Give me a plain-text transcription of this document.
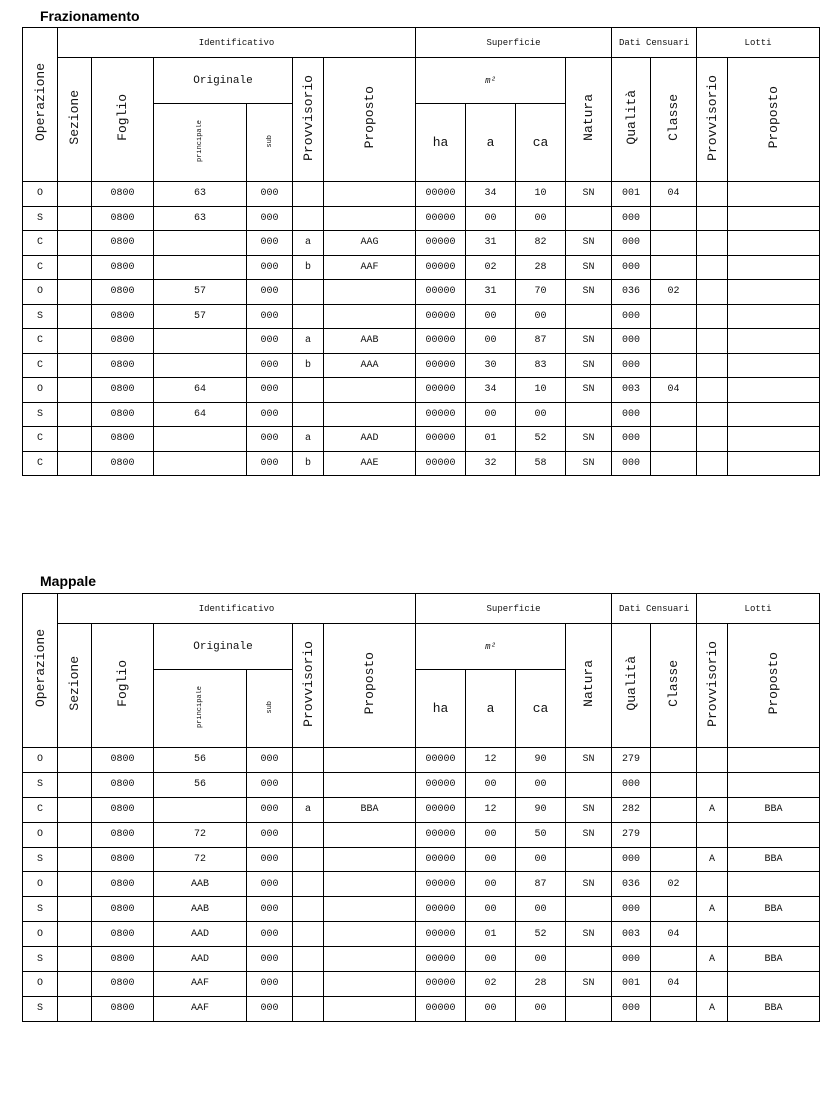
Frazionamento
Operazione	Identificativo						Superficie				Dati Censuari		Lotti	
	Sezione	Foglio	Originale		Provvisorio	Proposto	m²			Natura	Qualità	Classe	Provvisorio	Proposto
			principale	sub			ha	a	ca					
O		0800	63	000			00000	34	10	SN	001	04		
S		0800	63	000			00000	00	00		000			
C		0800		000	a	AAG	00000	31	82	SN	000			
C		0800		000	b	AAF	00000	02	28	SN	000			
O		0800	57	000			00000	31	70	SN	036	02		
S		0800	57	000			00000	00	00		000			
C		0800		000	a	AAB	00000	00	87	SN	000			
C		0800		000	b	AAA	00000	30	83	SN	000			
O		0800	64	000			00000	34	10	SN	003	04		
S		0800	64	000			00000	00	00		000			
C		0800		000	a	AAD	00000	01	52	SN	000			
C		0800		000	b	AAE	00000	32	58	SN	000			
Mappale
Operazione	Identificativo						Superficie				Dati Censuari		Lotti	
	Sezione	Foglio	Originale		Provvisorio	Proposto	m²			Natura	Qualità	Classe	Provvisorio	Proposto
			principale	sub			ha	a	ca					
O		0800	56	000			00000	12	90	SN	279			
S		0800	56	000			00000	00	00		000			
C		0800		000	a	BBA	00000	12	90	SN	282		A	BBA
O		0800	72	000			00000	00	50	SN	279			
S		0800	72	000			00000	00	00		000		A	BBA
O		0800	AAB	000			00000	00	87	SN	036	02		
S		0800	AAB	000			00000	00	00		000		A	BBA
O		0800	AAD	000			00000	01	52	SN	003	04		
S		0800	AAD	000			00000	00	00		000		A	BBA
O		0800	AAF	000			00000	02	28	SN	001	04		
S		0800	AAF	000			00000	00	00		000		A	BBA
